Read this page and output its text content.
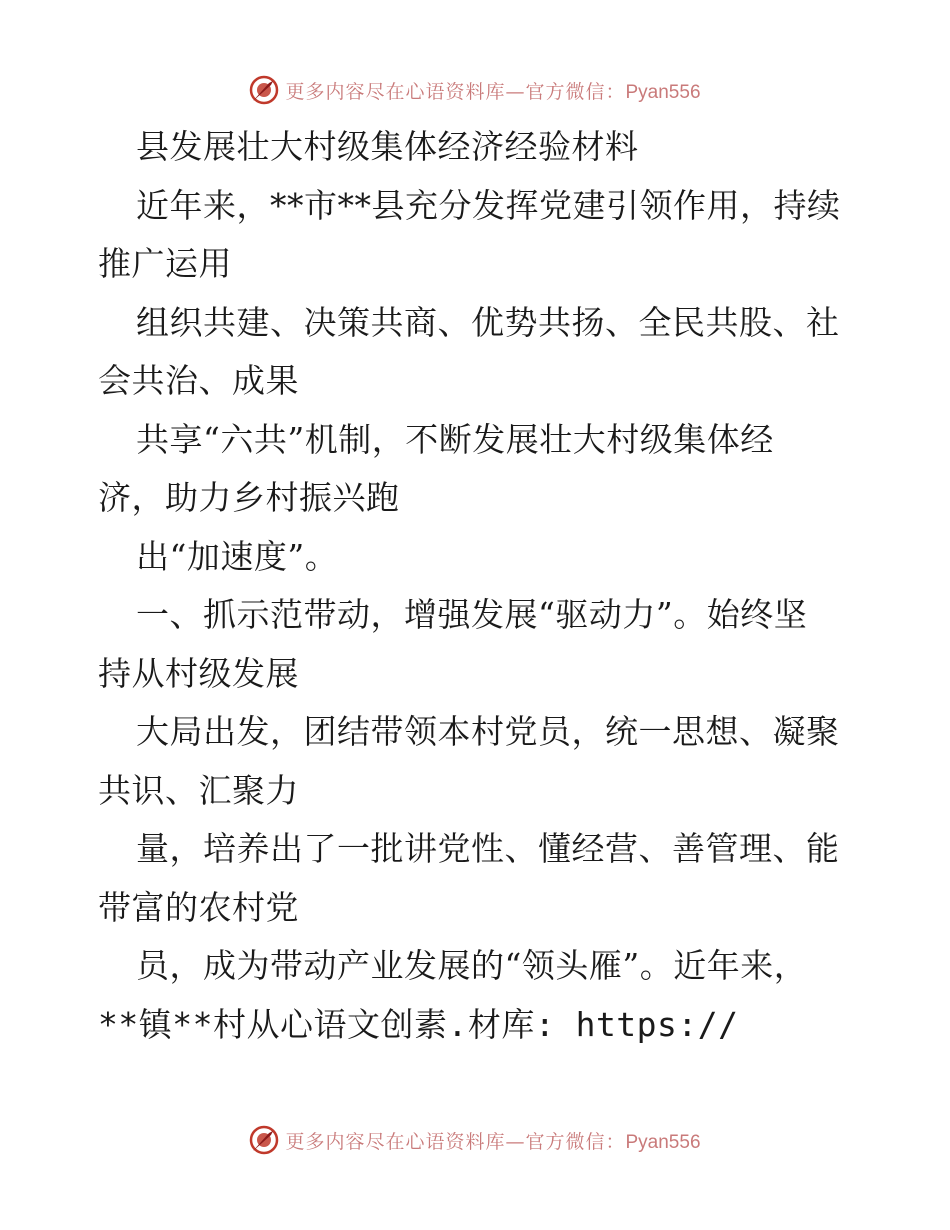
更多内容尽在心语资料库—官方微信：Pyan556
县发展壮大村级集体经济经验材料
近年来，**市**县充分发挥党建引领作用，持续
推广运用
组织共建、决策共商、优势共扬、全民共股、社
会共治、成果
共享“六共”机制，不断发展壮大村级集体经
济，助力乡村振兴跑
出“加速度”。
一、抓示范带动，增强发展“驱动力”。始终坚
持从村级发展
大局出发，团结带领本村党员，统一思想、凝聚
共识、汇聚力
量，培养出了一批讲党性、懂经营、善管理、能
带富的农村党
员，成为带动产业发展的“领头雁”。近年来，
**镇**村从心语文创素.材库: https://
更多内容尽在心语资料库—官方微信：Pyan556
